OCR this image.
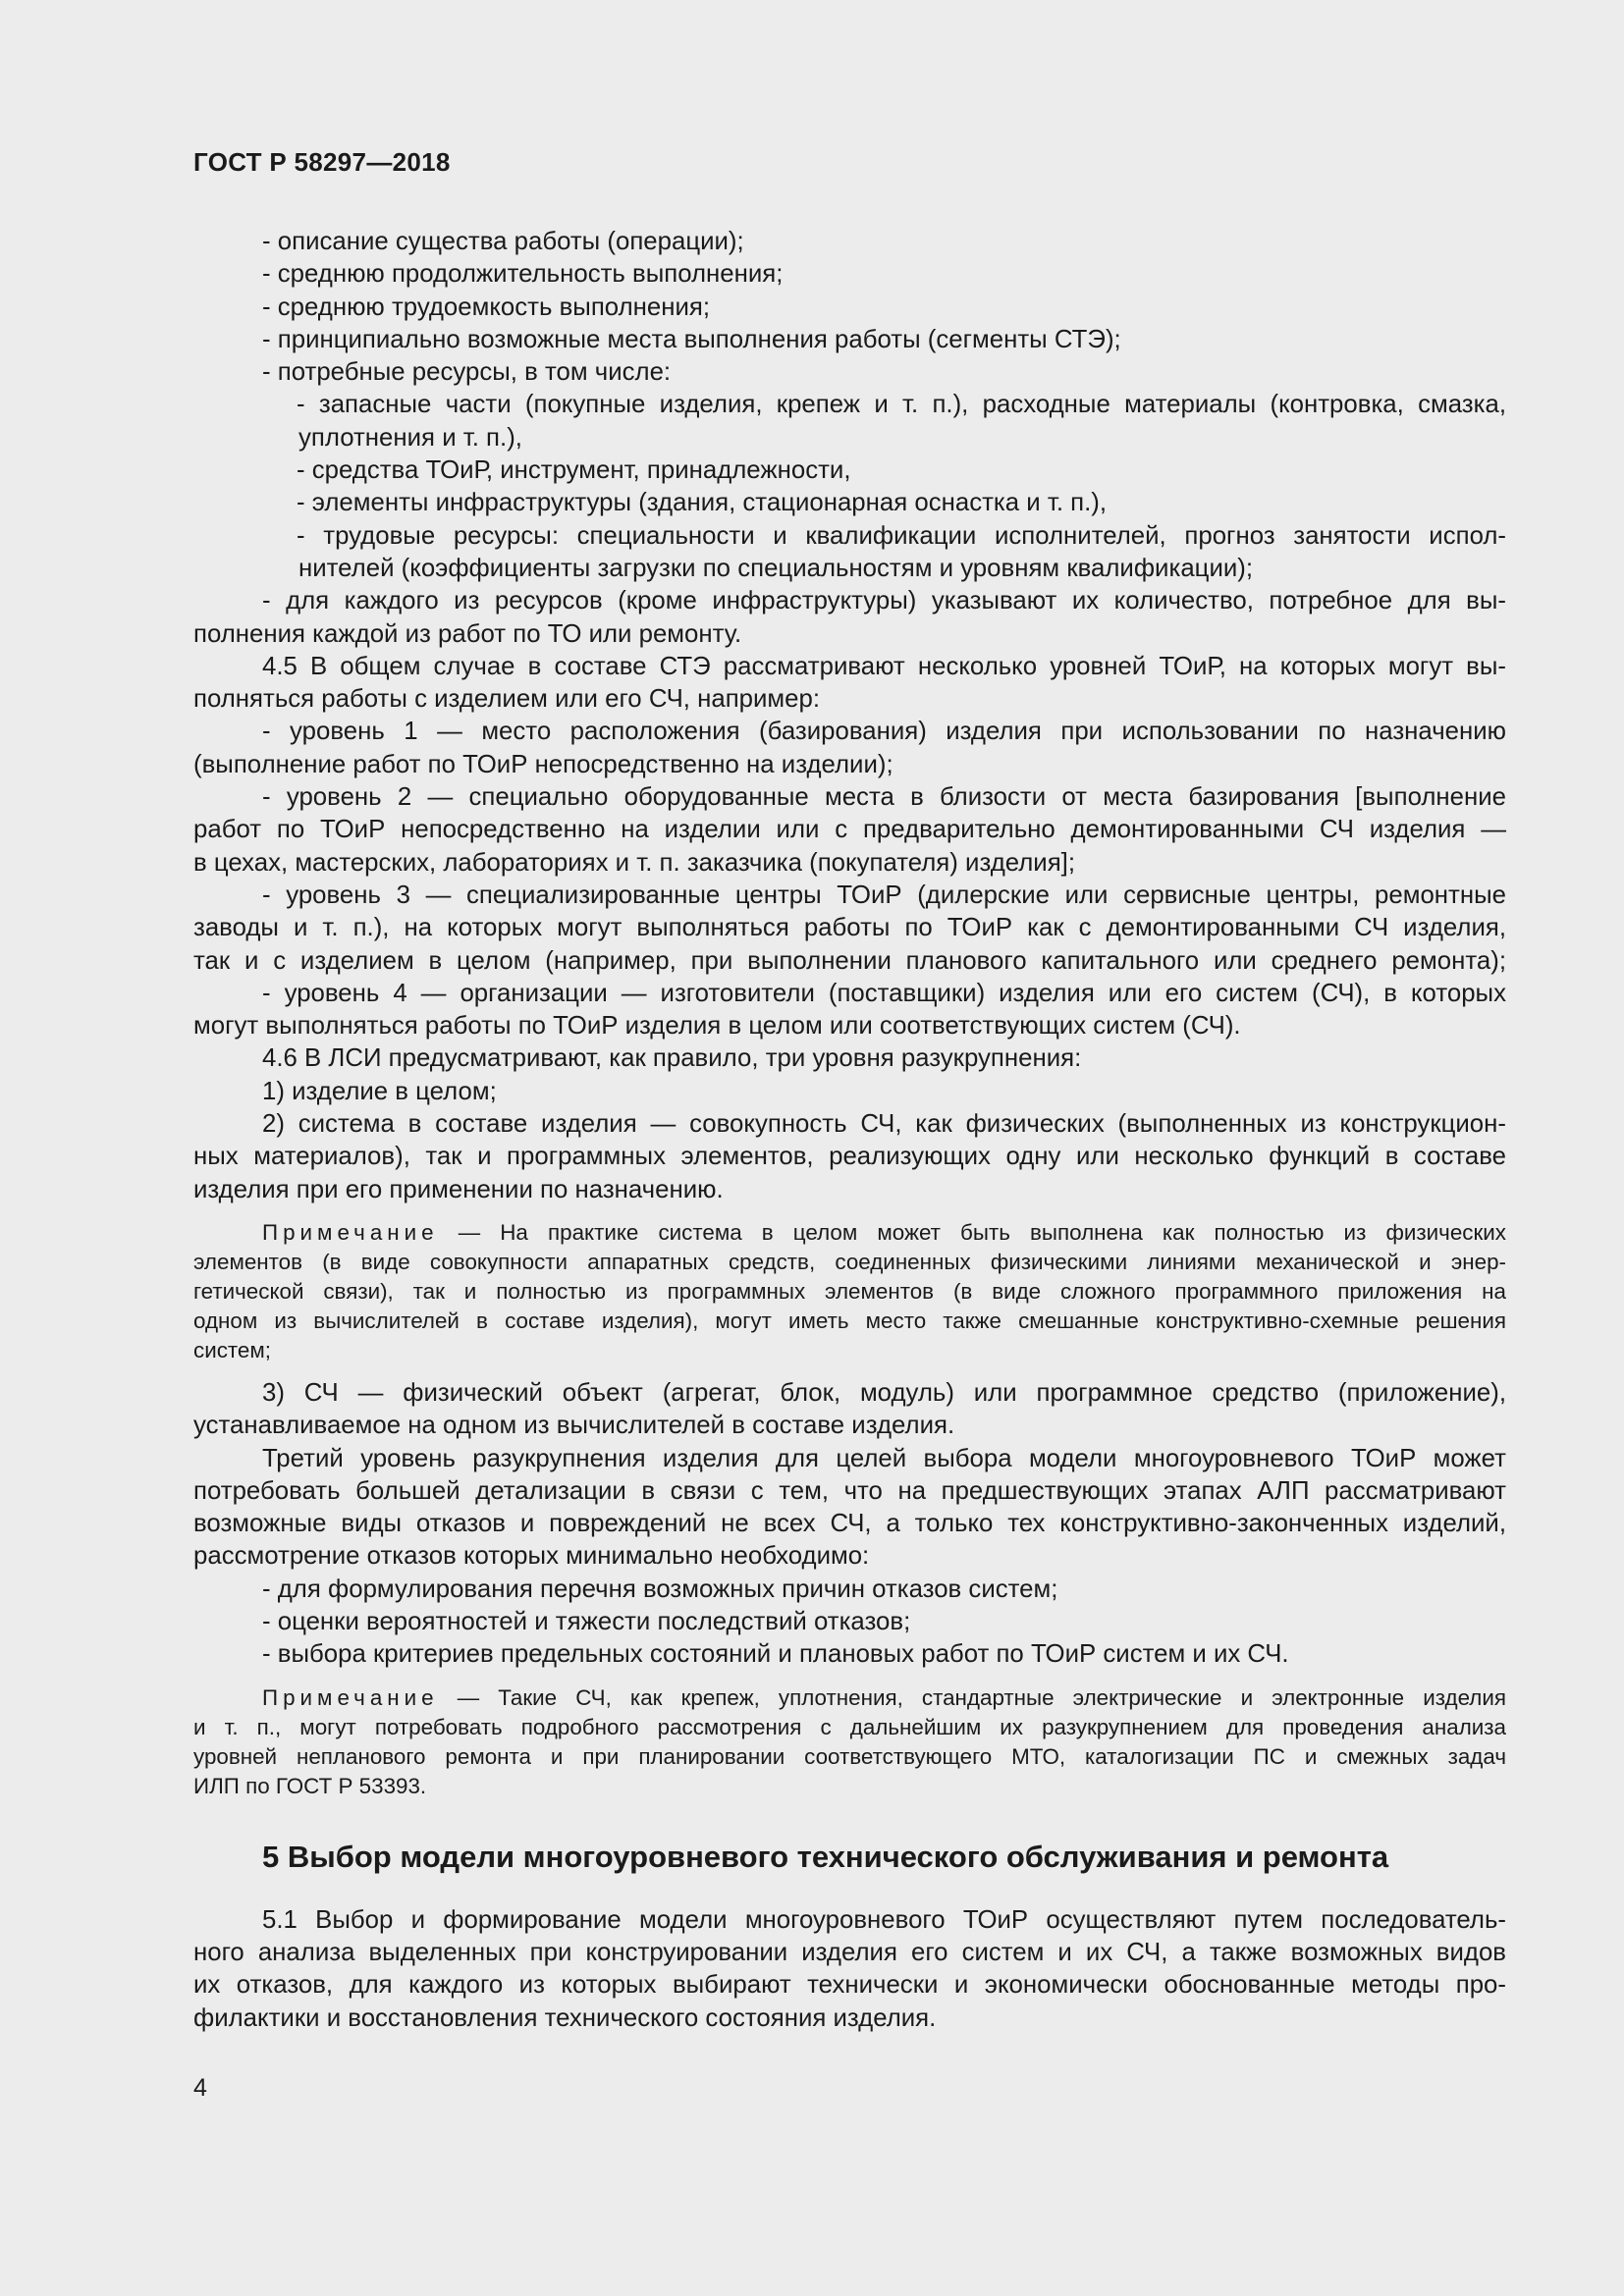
ГОСТ Р 58297—2018
- описание существа работы (операции);
- среднюю продолжительность выполнения;
- среднюю трудоемкость выполнения;
- принципиально возможные места выполнения работы (сегменты СТЭ);
- потребные ресурсы, в том числе:
- запасные части (покупные изделия, крепеж и т. п.), расходные материалы (контровка, смазка,
уплотнения и т. п.),
- средства ТОиР, инструмент, принадлежности,
- элементы инфраструктуры (здания, стационарная оснастка и т. п.),
- трудовые ресурсы: специальности и квалификации исполнителей, прогноз занятости испол-
нителей (коэффициенты загрузки по специальностям и уровням квалификации);
- для каждого из ресурсов (кроме инфраструктуры) указывают их количество, потребное для вы-
полнения каждой из работ по ТО или ремонту.
4.5 В общем случае в составе СТЭ рассматривают несколько уровней ТОиР, на которых могут вы-
полняться работы с изделием или его СЧ, например:
- уровень 1 — место расположения (базирования) изделия при использовании по назначению
(выполнение работ по ТОиР непосредственно на изделии);
- уровень 2 — специально оборудованные места в близости от места базирования [выполнение
работ по ТОиР непосредственно на изделии или с предварительно демонтированными СЧ изделия —
в цехах, мастерских, лабораториях и т. п. заказчика (покупателя) изделия];
- уровень 3 — специализированные центры ТОиР (дилерские или сервисные центры, ремонтные
заводы и т. п.), на которых могут выполняться работы по ТОиР как с демонтированными СЧ изделия,
так и с изделием в целом (например, при выполнении планового капитального или среднего ремонта);
- уровень 4 — организации — изготовители (поставщики) изделия или его систем (СЧ), в которых
могут выполняться работы по ТОиР изделия в целом или соответствующих систем (СЧ).
4.6 В ЛСИ предусматривают, как правило, три уровня разукрупнения:
1) изделие в целом;
2) система в составе изделия — совокупность СЧ, как физических (выполненных из конструкцион-
ных материалов), так и программных элементов, реализующих одну или несколько функций в составе
изделия при его применении по назначению.
Примечание — На практике система в целом может быть выполнена как полностью из физических
элементов (в виде совокупности аппаратных средств, соединенных физическими линиями механической и энер-
гетической связи), так и полностью из программных элементов (в виде сложного программного приложения на
одном из вычислителей в составе изделия), могут иметь место также смешанные конструктивно-схемные решения
систем;
3) СЧ — физический объект (агрегат, блок, модуль) или программное средство (приложение),
устанавливаемое на одном из вычислителей в составе изделия.
Третий уровень разукрупнения изделия для целей выбора модели многоуровневого ТОиР может
потребовать большей детализации в связи с тем, что на предшествующих этапах АЛП рассматривают
возможные виды отказов и повреждений не всех СЧ, а только тех конструктивно-законченных изделий,
рассмотрение отказов которых минимально необходимо:
- для формулирования перечня возможных причин отказов систем;
- оценки вероятностей и тяжести последствий отказов;
- выбора критериев предельных состояний и плановых работ по ТОиР систем и их СЧ.
Примечание — Такие СЧ, как крепеж, уплотнения, стандартные электрические и электронные изделия
и т. п., могут потребовать подробного рассмотрения с дальнейшим их разукрупнением для проведения анализа
уровней непланового ремонта и при планировании соответствующего МТО, каталогизации ПС и смежных задач
ИЛП по ГОСТ Р 53393.
5 Выбор модели многоуровневого технического обслуживания и ремонта
5.1 Выбор и формирование модели многоуровневого ТОиР осуществляют путем последователь-
ного анализа выделенных при конструировании изделия его систем и их СЧ, а также возможных видов
их отказов, для каждого из которых выбирают технически и экономически обоснованные методы про-
филактики и восстановления технического состояния изделия.
4
